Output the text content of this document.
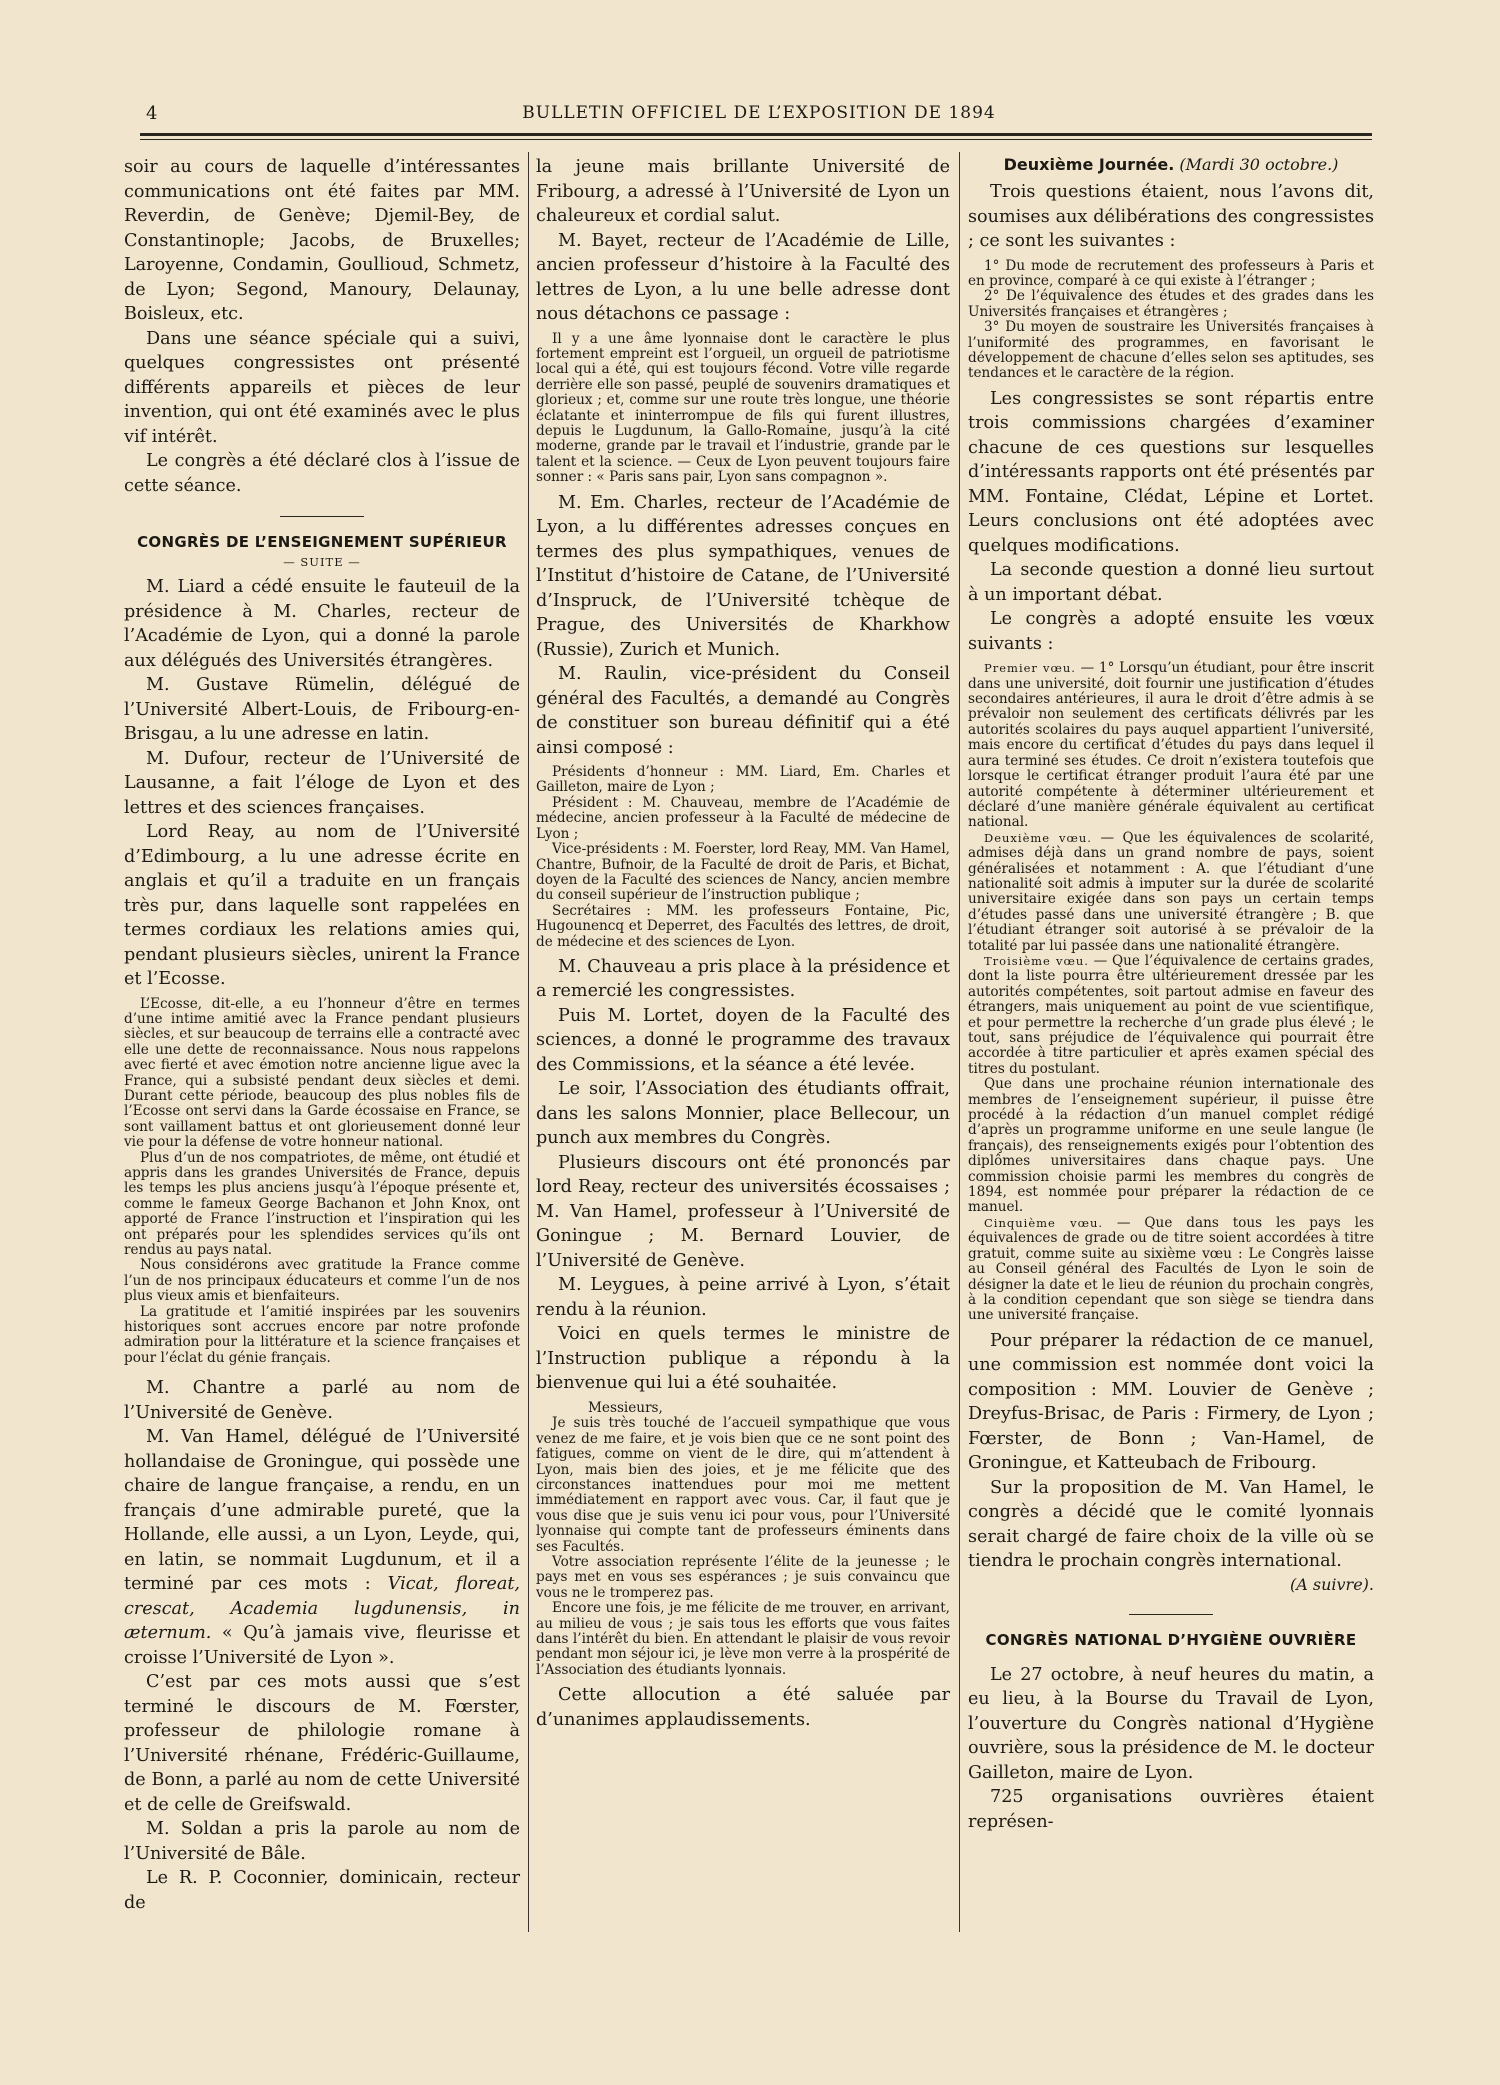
4	BULLETIN OFFICIEL DE L’EXPOSITION DE 1894

soir au cours de laquelle d’intéressantes communications ont été faites par MM. Reverdin, de Genève; Djemil-Bey, de Constantinople; Jacobs, de Bruxelles; Laroyenne, Condamin, Goullioud, Schmetz, de Lyon; Segond, Manoury, Delaunay, Boisleux, etc.

Dans une séance spéciale qui a suivi, quelques congressistes ont présenté différents appareils et pièces de leur invention, qui ont été examinés avec le plus vif intérêt.

Le congrès a été déclaré clos à l’issue de cette séance.

CONGRÈS DE L’ENSEIGNEMENT SUPÉRIEUR

— SUITE —

M. Liard a cédé ensuite le fauteuil de la présidence à M. Charles, recteur de l’Académie de Lyon, qui a donné la parole aux délégués des Universités étrangères.

M. Gustave Rümelin, délégué de l’Université Albert-Louis, de Fribourg-en-Brisgau, a lu une adresse en latin.

M. Dufour, recteur de l’Université de Lausanne, a fait l’éloge de Lyon et des lettres et des sciences françaises.

Lord Reay, au nom de l’Université d’Edimbourg, a lu une adresse écrite en anglais et qu’il a traduite en un français très pur, dans laquelle sont rappelées en termes cordiaux les relations amies qui, pendant plusieurs siècles, unirent la France et l’Ecosse.

L’Ecosse, dit-elle, a eu l’honneur d’être en termes d’une intime amitié avec la France pendant plusieurs siècles, et sur beaucoup de terrains elle a contracté avec elle une dette de reconnaissance. Nous nous rappelons avec fierté et avec émotion notre ancienne ligue avec la France, qui a subsisté pendant deux siècles et demi. Durant cette période, beaucoup des plus nobles fils de l’Ecosse ont servi dans la Garde écossaise en France, se sont vaillament battus et ont glorieusement donné leur vie pour la défense de votre honneur national.

Plus d’un de nos compatriotes, de même, ont étudié et appris dans les grandes Universités de France, depuis les temps les plus anciens jusqu’à l’époque présente et, comme le fameux George Bachanon et John Knox, ont apporté de France l’instruction et l’inspiration qui les ont préparés pour les splendides services qu’ils ont rendus au pays natal.

Nous considérons avec gratitude la France comme l’un de nos principaux éducateurs et comme l’un de nos plus vieux amis et bienfaiteurs.

La gratitude et l’amitié inspirées par les souvenirs historiques sont accrues encore par notre profonde admiration pour la littérature et la science françaises et pour l’éclat du génie français.

M. Chantre a parlé au nom de l’Université de Genève.

M. Van Hamel, délégué de l’Université hollandaise de Groningue, qui possède une chaire de langue française, a rendu, en un français d’une admirable pureté, que la Hollande, elle aussi, a un Lyon, Leyde, qui, en latin, se nommait Lugdunum, et il a terminé par ces mots : Vicat, floreat, crescat, Academia lugdunensis, in æternum. « Qu’à jamais vive, fleurisse et croisse l’Université de Lyon ».

C’est par ces mots aussi que s’est terminé le discours de M. Fœrster, professeur de philologie romane à l’Université rhénane, Frédéric-Guillaume, de Bonn, a parlé au nom de cette Université et de celle de Greifswald.

M. Soldan a pris la parole au nom de l’Université de Bâle.

Le R. P. Coconnier, dominicain, recteur de

la jeune mais brillante Université de Fribourg, a adressé à l’Université de Lyon un chaleureux et cordial salut.

M. Bayet, recteur de l’Académie de Lille, ancien professeur d’histoire à la Faculté des lettres de Lyon, a lu une belle adresse dont nous détachons ce passage :

Il y a une âme lyonnaise dont le caractère le plus fortement empreint est l’orgueil, un orgueil de patriotisme local qui a été, qui est toujours fécond. Votre ville regarde derrière elle son passé, peuplé de souvenirs dramatiques et glorieux ; et, comme sur une route très longue, une théorie éclatante et ininterrompue de fils qui furent illustres, depuis le Lugdunum, la Gallo-Romaine, jusqu’à la cité moderne, grande par le travail et l’industrie, grande par le talent et la science. — Ceux de Lyon peuvent toujours faire sonner : « Paris sans pair, Lyon sans compagnon ».

M. Em. Charles, recteur de l’Académie de Lyon, a lu différentes adresses conçues en termes des plus sympathiques, venues de l’Institut d’histoire de Catane, de l’Université d’Inspruck, de l’Université tchèque de Prague, des Universités de Kharkhow (Russie), Zurich et Munich.

M. Raulin, vice-président du Conseil général des Facultés, a demandé au Congrès de constituer son bureau définitif qui a été ainsi composé :

Présidents d’honneur : MM. Liard, Em. Charles et Gailleton, maire de Lyon ;

Président : M. Chauveau, membre de l’Académie de médecine, ancien professeur à la Faculté de médecine de Lyon ;

Vice-présidents : M. Foerster, lord Reay, MM. Van Hamel, Chantre, Bufnoir, de la Faculté de droit de Paris, et Bichat, doyen de la Faculté des sciences de Nancy, ancien membre du conseil supérieur de l’instruction publique ;

Secrétaires : MM. les professeurs Fontaine, Pic, Hugounencq et Deperret, des Facultés des lettres, de droit, de médecine et des sciences de Lyon.

M. Chauveau a pris place à la présidence et a remercié les congressistes.

Puis M. Lortet, doyen de la Faculté des sciences, a donné le programme des travaux des Commissions, et la séance a été levée.

Le soir, l’Association des étudiants offrait, dans les salons Monnier, place Bellecour, un punch aux membres du Congrès.

Plusieurs discours ont été prononcés par lord Reay, recteur des universités écossaises ; M. Van Hamel, professeur à l’Université de Goningue ; M. Bernard Louvier, de l’Université de Genève.

M. Leygues, à peine arrivé à Lyon, s’était rendu à la réunion.

Voici en quels termes le ministre de l’Instruction publique a répondu à la bienvenue qui lui a été souhaitée.

Messieurs,

Je suis très touché de l’accueil sympathique que vous venez de me faire, et je vois bien que ce ne sont point des fatigues, comme on vient de le dire, qui m’attendent à Lyon, mais bien des joies, et je me félicite que des circonstances inattendues pour moi me mettent immédiatement en rapport avec vous. Car, il faut que je vous dise que je suis venu ici pour vous, pour l’Université lyonnaise qui compte tant de professeurs éminents dans ses Facultés.

Votre association représente l’élite de la jeunesse ; le pays met en vous ses espérances ; je suis convaincu que vous ne le tromperez pas.

Encore une fois, je me félicite de me trouver, en arrivant, au milieu de vous ; je sais tous les efforts que vous faites dans l’intérêt du bien. En attendant le plaisir de vous revoir pendant mon séjour ici, je lève mon verre à la prospérité de l’Association des étudiants lyonnais.

Cette allocution a été saluée par d’unanimes applaudissements.

Deuxième Journée. (Mardi 30 octobre.)

Trois questions étaient, nous l’avons dit, soumises aux délibérations des congressistes ; ce sont les suivantes :

1° Du mode de recrutement des professeurs à Paris et en province, comparé à ce qui existe à l’étranger ;

2° De l’équivalence des études et des grades dans les Universités françaises et étrangères ;

3° Du moyen de soustraire les Universités françaises à l’uniformité des programmes, en favorisant le développement de chacune d’elles selon ses aptitudes, ses tendances et le caractère de la région.

Les congressistes se sont répartis entre trois commissions chargées d’examiner chacune de ces questions sur lesquelles d’intéressants rapports ont été présentés par MM. Fontaine, Clédat, Lépine et Lortet. Leurs conclusions ont été adoptées avec quelques modifications.

La seconde question a donné lieu surtout à un important débat.

Le congrès a adopté ensuite les vœux suivants :

Premier vœu. — 1° Lorsqu’un étudiant, pour être inscrit dans une université, doit fournir une justification d’études secondaires antérieures, il aura le droit d’être admis à se prévaloir non seulement des certificats délivrés par les autorités scolaires du pays auquel appartient l’université, mais encore du certificat d’études du pays dans lequel il aura terminé ses études. Ce droit n’existera toutefois que lorsque le certificat étranger produit l’aura été par une autorité compétente à déterminer ultérieurement et déclaré d’une manière générale équivalent au certificat national.

Deuxième vœu. — Que les équivalences de scolarité, admises déjà dans un grand nombre de pays, soient généralisées et notamment : A. que l’étudiant d’une nationalité soit admis à imputer sur la durée de scolarité universitaire exigée dans son pays un certain temps d’études passé dans une université étrangère ; B. que l’étudiant étranger soit autorisé à se prévaloir de la totalité par lui passée dans une nationalité étrangère.

Troisième vœu. — Que l’équivalence de certains grades, dont la liste pourra être ultérieurement dressée par les autorités compétentes, soit partout admise en faveur des étrangers, mais uniquement au point de vue scientifique, et pour permettre la recherche d’un grade plus élevé ; le tout, sans préjudice de l’équivalence qui pourrait être accordée à titre particulier et après examen spécial des titres du postulant.

Que dans une prochaine réunion internationale des membres de l’enseignement supérieur, il puisse être procédé à la rédaction d’un manuel complet rédigé d’après un programme uniforme en une seule langue (le français), des renseignements exigés pour l’obtention des diplômes universitaires dans chaque pays. Une commission choisie parmi les membres du congrès de 1894, est nommée pour préparer la rédaction de ce manuel.

Cinquième vœu. — Que dans tous les pays les équivalences de grade ou de titre soient accordées à titre gratuit, comme suite au sixième vœu : Le Congrès laisse au Conseil général des Facultés de Lyon le soin de désigner la date et le lieu de réunion du prochain congrès, à la condition cependant que son siège se tiendra dans une université française.

Pour préparer la rédaction de ce manuel, une commission est nommée dont voici la composition : MM. Louvier de Genève ; Dreyfus-Brisac, de Paris : Firmery, de Lyon ; Fœrster, de Bonn ; Van-Hamel, de Groningue, et Katteubach de Fribourg.

Sur la proposition de M. Van Hamel, le congrès a décidé que le comité lyonnais serait chargé de faire choix de la ville où se tiendra le prochain congrès international.

(A suivre).

CONGRÈS NATIONAL D’HYGIÈNE OUVRIÈRE

Le 27 octobre, à neuf heures du matin, a eu lieu, à la Bourse du Travail de Lyon, l’ouverture du Congrès national d’Hygiène ouvrière, sous la présidence de M. le docteur Gailleton, maire de Lyon.

725 organisations ouvrières étaient représen-
